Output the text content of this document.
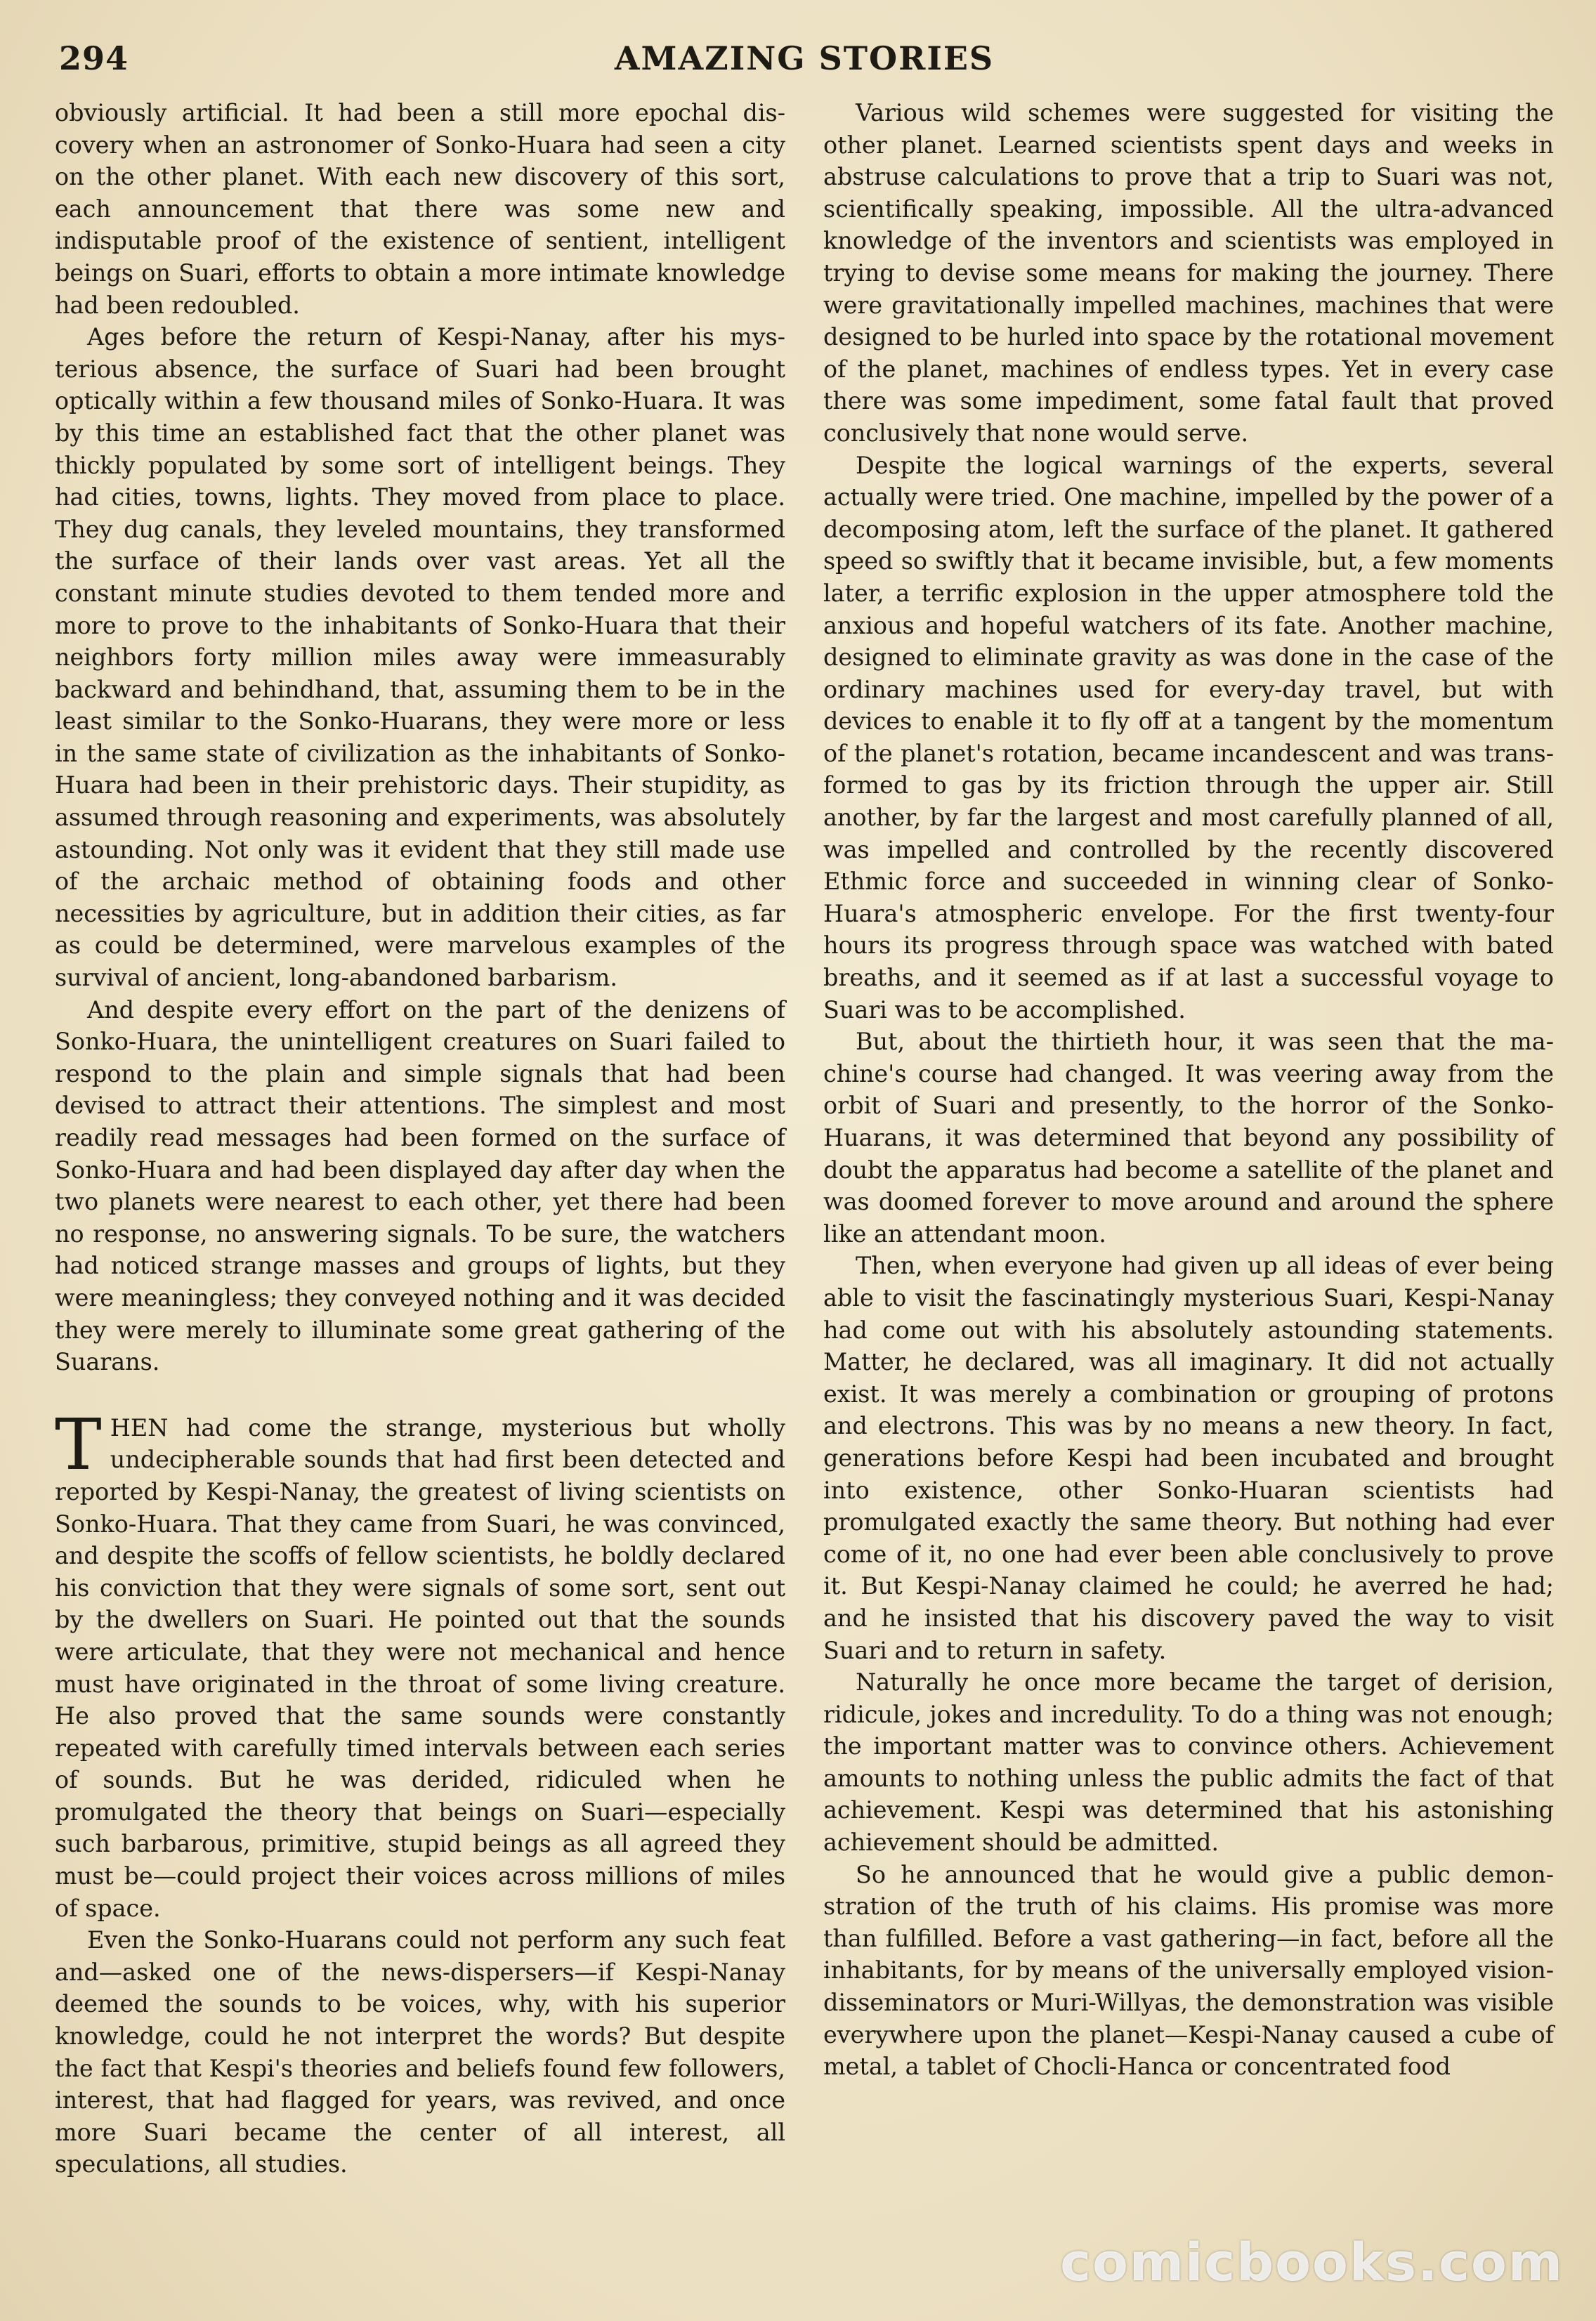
294	AMAZING STORIES

obviously artificial. It had been a still more epochal discovery when an astronomer of Sonko-Huara had seen a city on the other planet. With each new discovery of this sort, each announcement that there was some new and indisputable proof of the existence of sentient, intelligent beings on Suari, efforts to obtain a more intimate knowledge had been redoubled.

Ages before the return of Kespi-Nanay, after his mysterious absence, the surface of Suari had been brought optically within a few thousand miles of Sonko-Huara. It was by this time an established fact that the other planet was thickly populated by some sort of intelligent beings. They had cities, towns, lights. They moved from place to place. They dug canals, they leveled mountains, they transformed the surface of their lands over vast areas. Yet all the constant minute studies devoted to them tended more and more to prove to the inhabitants of Sonko-Huara that their neighbors forty million miles away were immeasurably backward and behindhand, that, assuming them to be in the least similar to the Sonko-Huarans, they were more or less in the same state of civilization as the inhabitants of Sonko-Huara had been in their prehistoric days. Their stupidity, as assumed through reasoning and experiments, was absolutely astounding. Not only was it evident that they still made use of the archaic method of obtaining foods and other necessities by agriculture, but in addition their cities, as far as could be determined, were marvelous examples of the survival of ancient, long-abandoned barbarism.

And despite every effort on the part of the denizens of Sonko-Huara, the unintelligent creatures on Suari failed to respond to the plain and simple signals that had been devised to attract their attentions. The simplest and most readily read messages had been formed on the surface of Sonko-Huara and had been displayed day after day when the two planets were nearest to each other, yet there had been no response, no answering signals. To be sure, the watchers had noticed strange masses and groups of lights, but they were meaningless; they conveyed nothing and it was decided they were merely to illuminate some great gathering of the Suarans.

THEN had come the strange, mysterious but wholly undecipherable sounds that had first been detected and reported by Kespi-Nanay, the greatest of living scientists on Sonko-Huara. That they came from Suari, he was convinced, and despite the scoffs of fellow scientists, he boldly declared his conviction that they were signals of some sort, sent out by the dwellers on Suari. He pointed out that the sounds were articulate, that they were not mechanical and hence must have originated in the throat of some living creature. He also proved that the same sounds were constantly repeated with carefully timed intervals between each series of sounds. But he was derided, ridiculed when he promulgated the theory that beings on Suari—especially such barbarous, primitive, stupid beings as all agreed they must be—could project their voices across millions of miles of space.

Even the Sonko-Huarans could not perform any such feat and—asked one of the news-dispersers—if Kespi-Nanay deemed the sounds to be voices, why, with his superior knowledge, could he not interpret the words? But despite the fact that Kespi's theories and beliefs found few followers, interest, that had flagged for years, was revived, and once more Suari became the center of all interest, all speculations, all studies.

Various wild schemes were suggested for visiting the other planet. Learned scientists spent days and weeks in abstruse calculations to prove that a trip to Suari was not, scientifically speaking, impossible. All the ultra-advanced knowledge of the inventors and scientists was employed in trying to devise some means for making the journey. There were gravitationally impelled machines, machines that were designed to be hurled into space by the rotational movement of the planet, machines of endless types. Yet in every case there was some impediment, some fatal fault that proved conclusively that none would serve.

Despite the logical warnings of the experts, several actually were tried. One machine, impelled by the power of a decomposing atom, left the surface of the planet. It gathered speed so swiftly that it became invisible, but, a few moments later, a terrific explosion in the upper atmosphere told the anxious and hopeful watchers of its fate. Another machine, designed to eliminate gravity as was done in the case of the ordinary machines used for every-day travel, but with devices to enable it to fly off at a tangent by the momentum of the planet's rotation, became incandescent and was transformed to gas by its friction through the upper air. Still another, by far the largest and most carefully planned of all, was impelled and controlled by the recently discovered Ethmic force and succeeded in winning clear of Sonko-Huara's atmospheric envelope. For the first twenty-four hours its progress through space was watched with bated breaths, and it seemed as if at last a successful voyage to Suari was to be accomplished.

But, about the thirtieth hour, it was seen that the machine's course had changed. It was veering away from the orbit of Suari and presently, to the horror of the Sonko-Huarans, it was determined that beyond any possibility of doubt the apparatus had become a satellite of the planet and was doomed forever to move around and around the sphere like an attendant moon.

Then, when everyone had given up all ideas of ever being able to visit the fascinatingly mysterious Suari, Kespi-Nanay had come out with his absolutely astounding statements. Matter, he declared, was all imaginary. It did not actually exist. It was merely a combination or grouping of protons and electrons. This was by no means a new theory. In fact, generations before Kespi had been incubated and brought into existence, other Sonko-Huaran scientists had promulgated exactly the same theory. But nothing had ever come of it, no one had ever been able conclusively to prove it. But Kespi-Nanay claimed he could; he averred he had; and he insisted that his discovery paved the way to visit Suari and to return in safety.

Naturally he once more became the target of derision, ridicule, jokes and incredulity. To do a thing was not enough; the important matter was to convince others. Achievement amounts to nothing unless the public admits the fact of that achievement. Kespi was determined that his astonishing achievement should be admitted.

So he announced that he would give a public demonstration of the truth of his claims. His promise was more than fulfilled. Before a vast gathering—in fact, before all the inhabitants, for by means of the universally employed vision-disseminators or Muri-Willyas, the demonstration was visible everywhere upon the planet—Kespi-Nanay caused a cube of metal, a tablet of Chocli-Hanca or concentrated food

comicbooks.com
